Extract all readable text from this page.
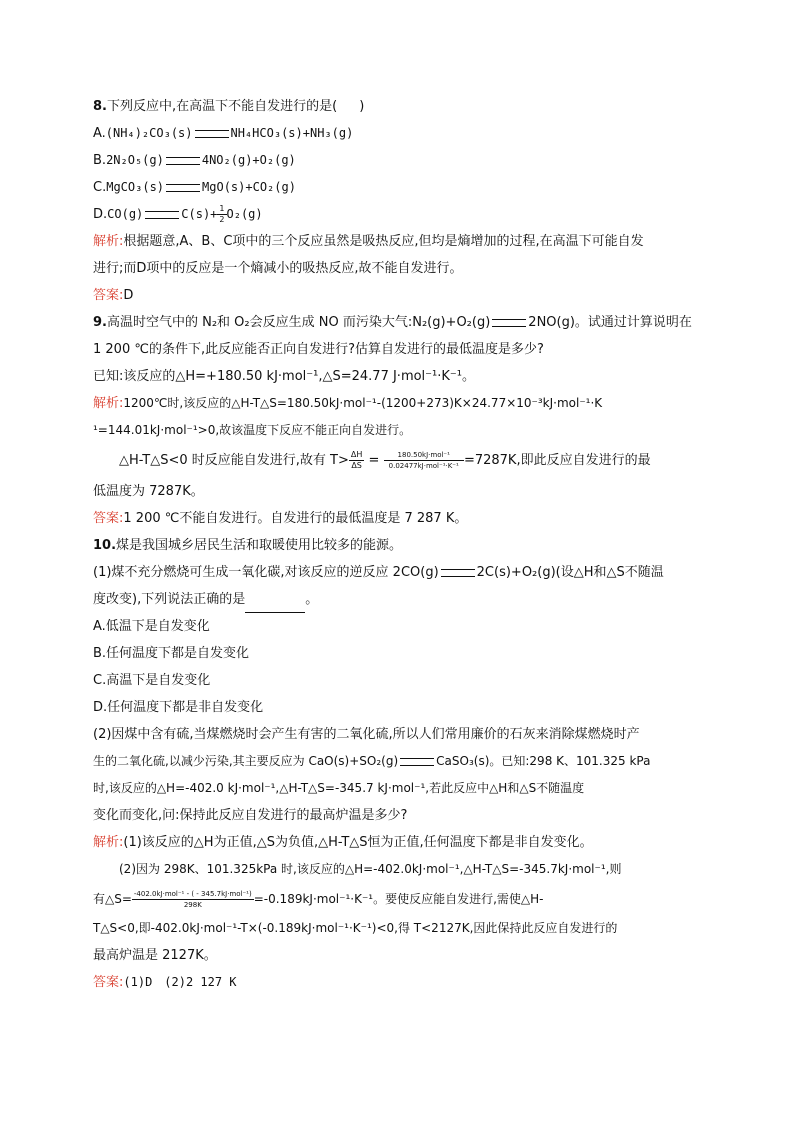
8.下列反应中,在高温下不能自发进行的是( )
A.(NH₄)₂CO₃(s)	NH₄HCO₃(s)+NH₃(g)
B.2N₂O₅(g)	4NO₂(g)+O₂(g)
C.MgCO₃(s)	MgO(s)+CO₂(g)
D.CO(g)	$C(s)+ \frac{1}{2} O_2(g)$
解析:根据题意,A、B、C项中的三个反应虽然是吸热反应,但均是熵增加的过程,在高温下可能自发
进行;而D项中的反应是一个熵减小的吸热反应,故不能自发进行。
答案:D
9.高温时空气中的 N₂和 O₂会反应生成 NO 而污染大气:N₂(g)+O₂(g)	2NO(g)。试通过计算说明在
1 200 ℃的条件下,此反应能否正向自发进行?估算自发进行的最低温度是多少?
已知:该反应的△H=+180.50 kJ·mol⁻¹,△S=24.77 J·mol⁻¹·K⁻¹。
解析:1200℃时,该反应的△H-T△S=180.50kJ·mol⁻¹-(1200+273)K×24.77×10⁻³kJ·mol⁻¹·K
¹=144.01kJ·mol⁻¹>0,故该温度下反应不能正向自发进行。
△H-T△S<0 时反应能自发进行,故有 $T> \frac{\Delta H}{\Delta S} = \frac{\text{180.50kJ·mol⁻¹}}{\text{0.02477kJ·mol⁻¹·K⁻¹}} =7287K$,即此反应自发进行的最
低温度为 7287K。
答案:1 200 ℃不能自发进行。自发进行的最低温度是 7 287 K。
10.煤是我国城乡居民生活和取暖使用比较多的能源。
(1)煤不充分燃烧可生成一氧化碳,对该反应的逆反应 2CO(g)	2C(s)+O₂(g)(设△H和△S不随温
度改变),下列说法正确的是	。
A.低温下是自发变化
B.任何温度下都是自发变化
C.高温下是自发变化
D.任何温度下都是非自发变化
(2)因煤中含有硫,当煤燃烧时会产生有害的二氧化硫,所以人们常用廉价的石灰来消除煤燃烧时产
生的二氧化硫,以减少污染,其主要反应为 CaO(s)+SO₂(g)	CaSO₃(s)。已知:298 K、101.325 kPa
时,该反应的△H=-402.0 kJ·mol⁻¹,△H-T△S=-345.7 kJ·mol⁻¹,若此反应中△H和△S不随温度
变化而变化,问:保持此反应自发进行的最高炉温是多少?
解析:(1)该反应的△H为正值,△S为负值,△H-T△S恒为正值,任何温度下都是非自发变化。
(2)因为 298K、101.325kPa 时,该反应的△H=-402.0kJ·mol⁻¹,△H-T△S=-345.7kJ·mol⁻¹,则
有△S= $\frac{\text{-402.0kJ·mol⁻¹ - ( - 345.7kJ·mol⁻¹)}}{298K} =-0.189kJ\cdot mol^{-1}\cdot K^{-1}$。要使反应能自发进行,需使△H-
T△S<0,即-402.0kJ·mol⁻¹-T×(-0.189kJ·mol⁻¹·K⁻¹)<0,得 T<2127K,因此保持此反应自发进行的
最高炉温是 2127K。
答案:(1)D　(2)2 127 K
